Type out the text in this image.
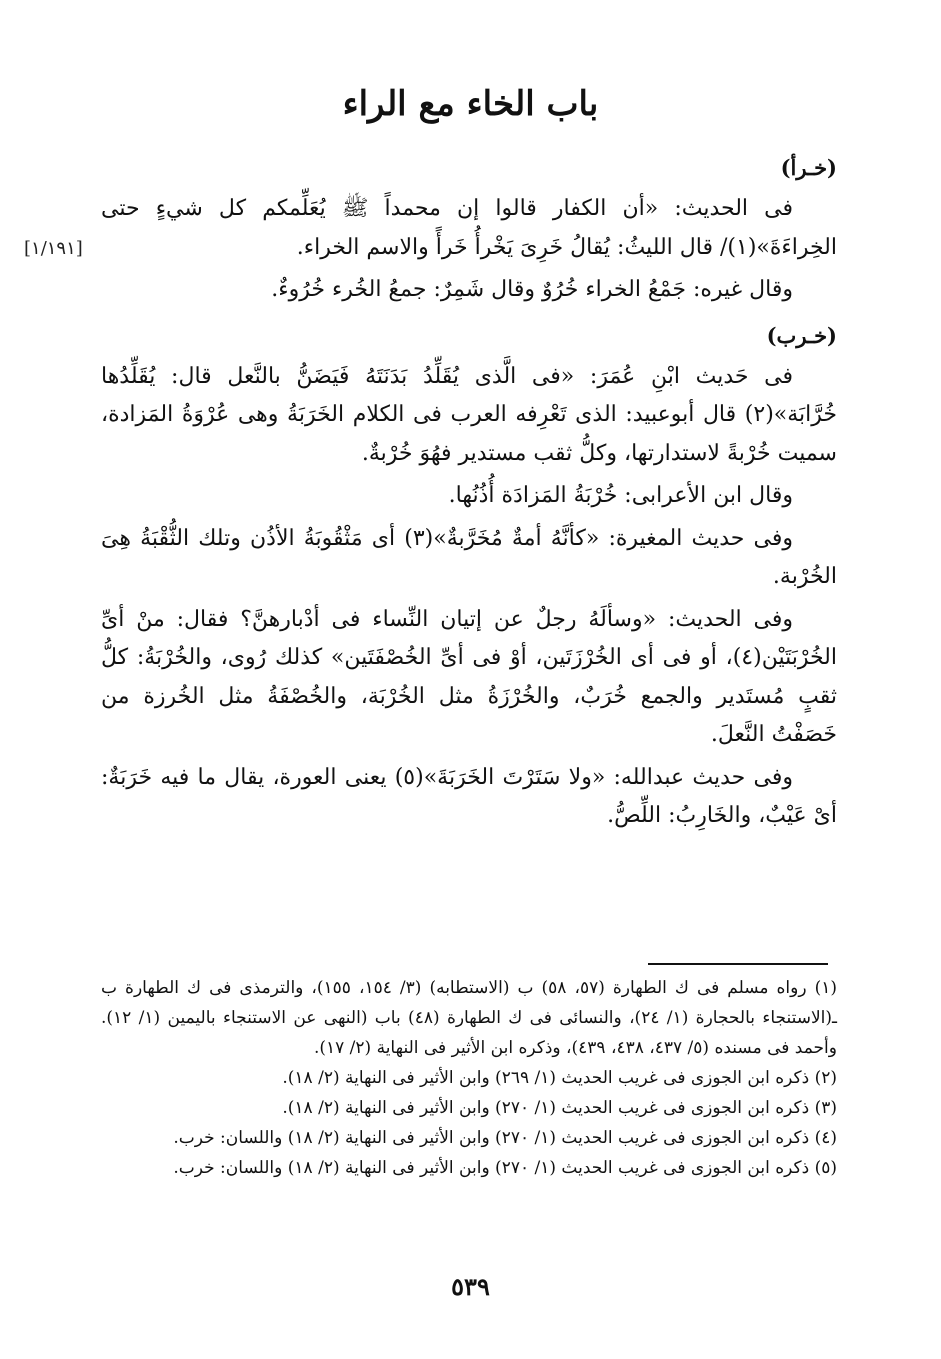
باب الخاء مع الراء
[١/١٩١]
(خـرأ)

فى الحديث: «أن الكفار قالوا إن محمداً ﷺ يُعَلِّمكم كل شيءٍ حتى الخِراءَةَ»(١)/ قال الليثُ: يُقالُ خَرِىَ يَخْرأُ خَرأً والاسم الخراء.

وقال غيره: جَمْعُ الخراء خُرُوٌ وقال شَمِرٌ: جمعُ الخُرء خُرُوءٌ.

(خـرب)

فى حَديث ابْنِ عُمَرَ: «فى الَّذى يُقَلِّدُ بَدَنَتَهُ فَيَضَنُّ بالنَّعل قال: يُقَلِّدُها خُرَّابَة»(٢) قال أبوعبيد: الذى تَعْرِفه العرب فى الكلام الخَرَبَةُ وهى عُرْوَةُ المَزادة، سميت خُرْبةً لاستدارتها، وكلُّ ثقب مستدير فهُوَ خُرْبةٌ.

وقال ابن الأعرابى: خُرْبَةُ المَزادَة أُذُنُها.

وفى حديث المغيرة: «كأنَّهُ أمةٌ مُخَرَّبةٌ»(٣) أى مَثْقُوبَةُ الأذُن وتلك الثُّقْبَةُ هِىَ الخُرْبة.

وفى الحديث: «وسألَهُ رجلٌ عن إتيان النِّساء فى أدْبارهنَّ؟ فقال: منْ أىِّ الخُرْبَتَيْن(٤)، أو فى أى الخُرْزَتَين، أوْ فى أىِّ الخُصْفَتَين» كذلك رُوى، والخُرْبَةُ: كلُّ ثقبٍ مُستَدير والجمع خُرَبٌ، والخُرْزَةُ مثل الخُرْبَة، والخُصْفَةُ مثل الخُرزة من خَصَفْتُ النَّعلَ.

وفى حديث عبدالله: «ولا سَتَرْتَ الخَرَبَةَ»(٥) يعنى العورة، يقال ما فيه خَرَبَةٌ: أىْ عَيْبٌ، والخَارِبُ: اللِّصُّ.

(١) رواه مسلم فى ك الطهارة (٥٧، ٥٨) ب (الاستطابه) (٣/ ١٥٤، ١٥٥)، والترمذى فى ك الطهارة ب ـ(الاستنجاء بالحجارة (١/ ٢٤)، والنسائى فى ك الطهارة (٤٨) باب (النهى عن الاستنجاء باليمين (١/ ١٢). وأحمد فى مسنده (٥/ ٤٣٧، ٤٣٨، ٤٣٩)، وذكره ابن الأثير فى النهاية (٢/ ١٧).

(٢) ذكره ابن الجوزى فى غريب الحديث (١/ ٢٦٩) وابن الأثير فى النهاية (٢/ ١٨).

(٣) ذكره ابن الجوزى فى غريب الحديث (١/ ٢٧٠) وابن الأثير فى النهاية (٢/ ١٨).

(٤) ذكره ابن الجوزى فى غريب الحديث (١/ ٢٧٠) وابن الأثير فى النهاية (٢/ ١٨) واللسان: خرب.

(٥) ذكره ابن الجوزى فى غريب الحديث (١/ ٢٧٠) وابن الأثير فى النهاية (٢/ ١٨) واللسان: خرب.

٥٣٩
